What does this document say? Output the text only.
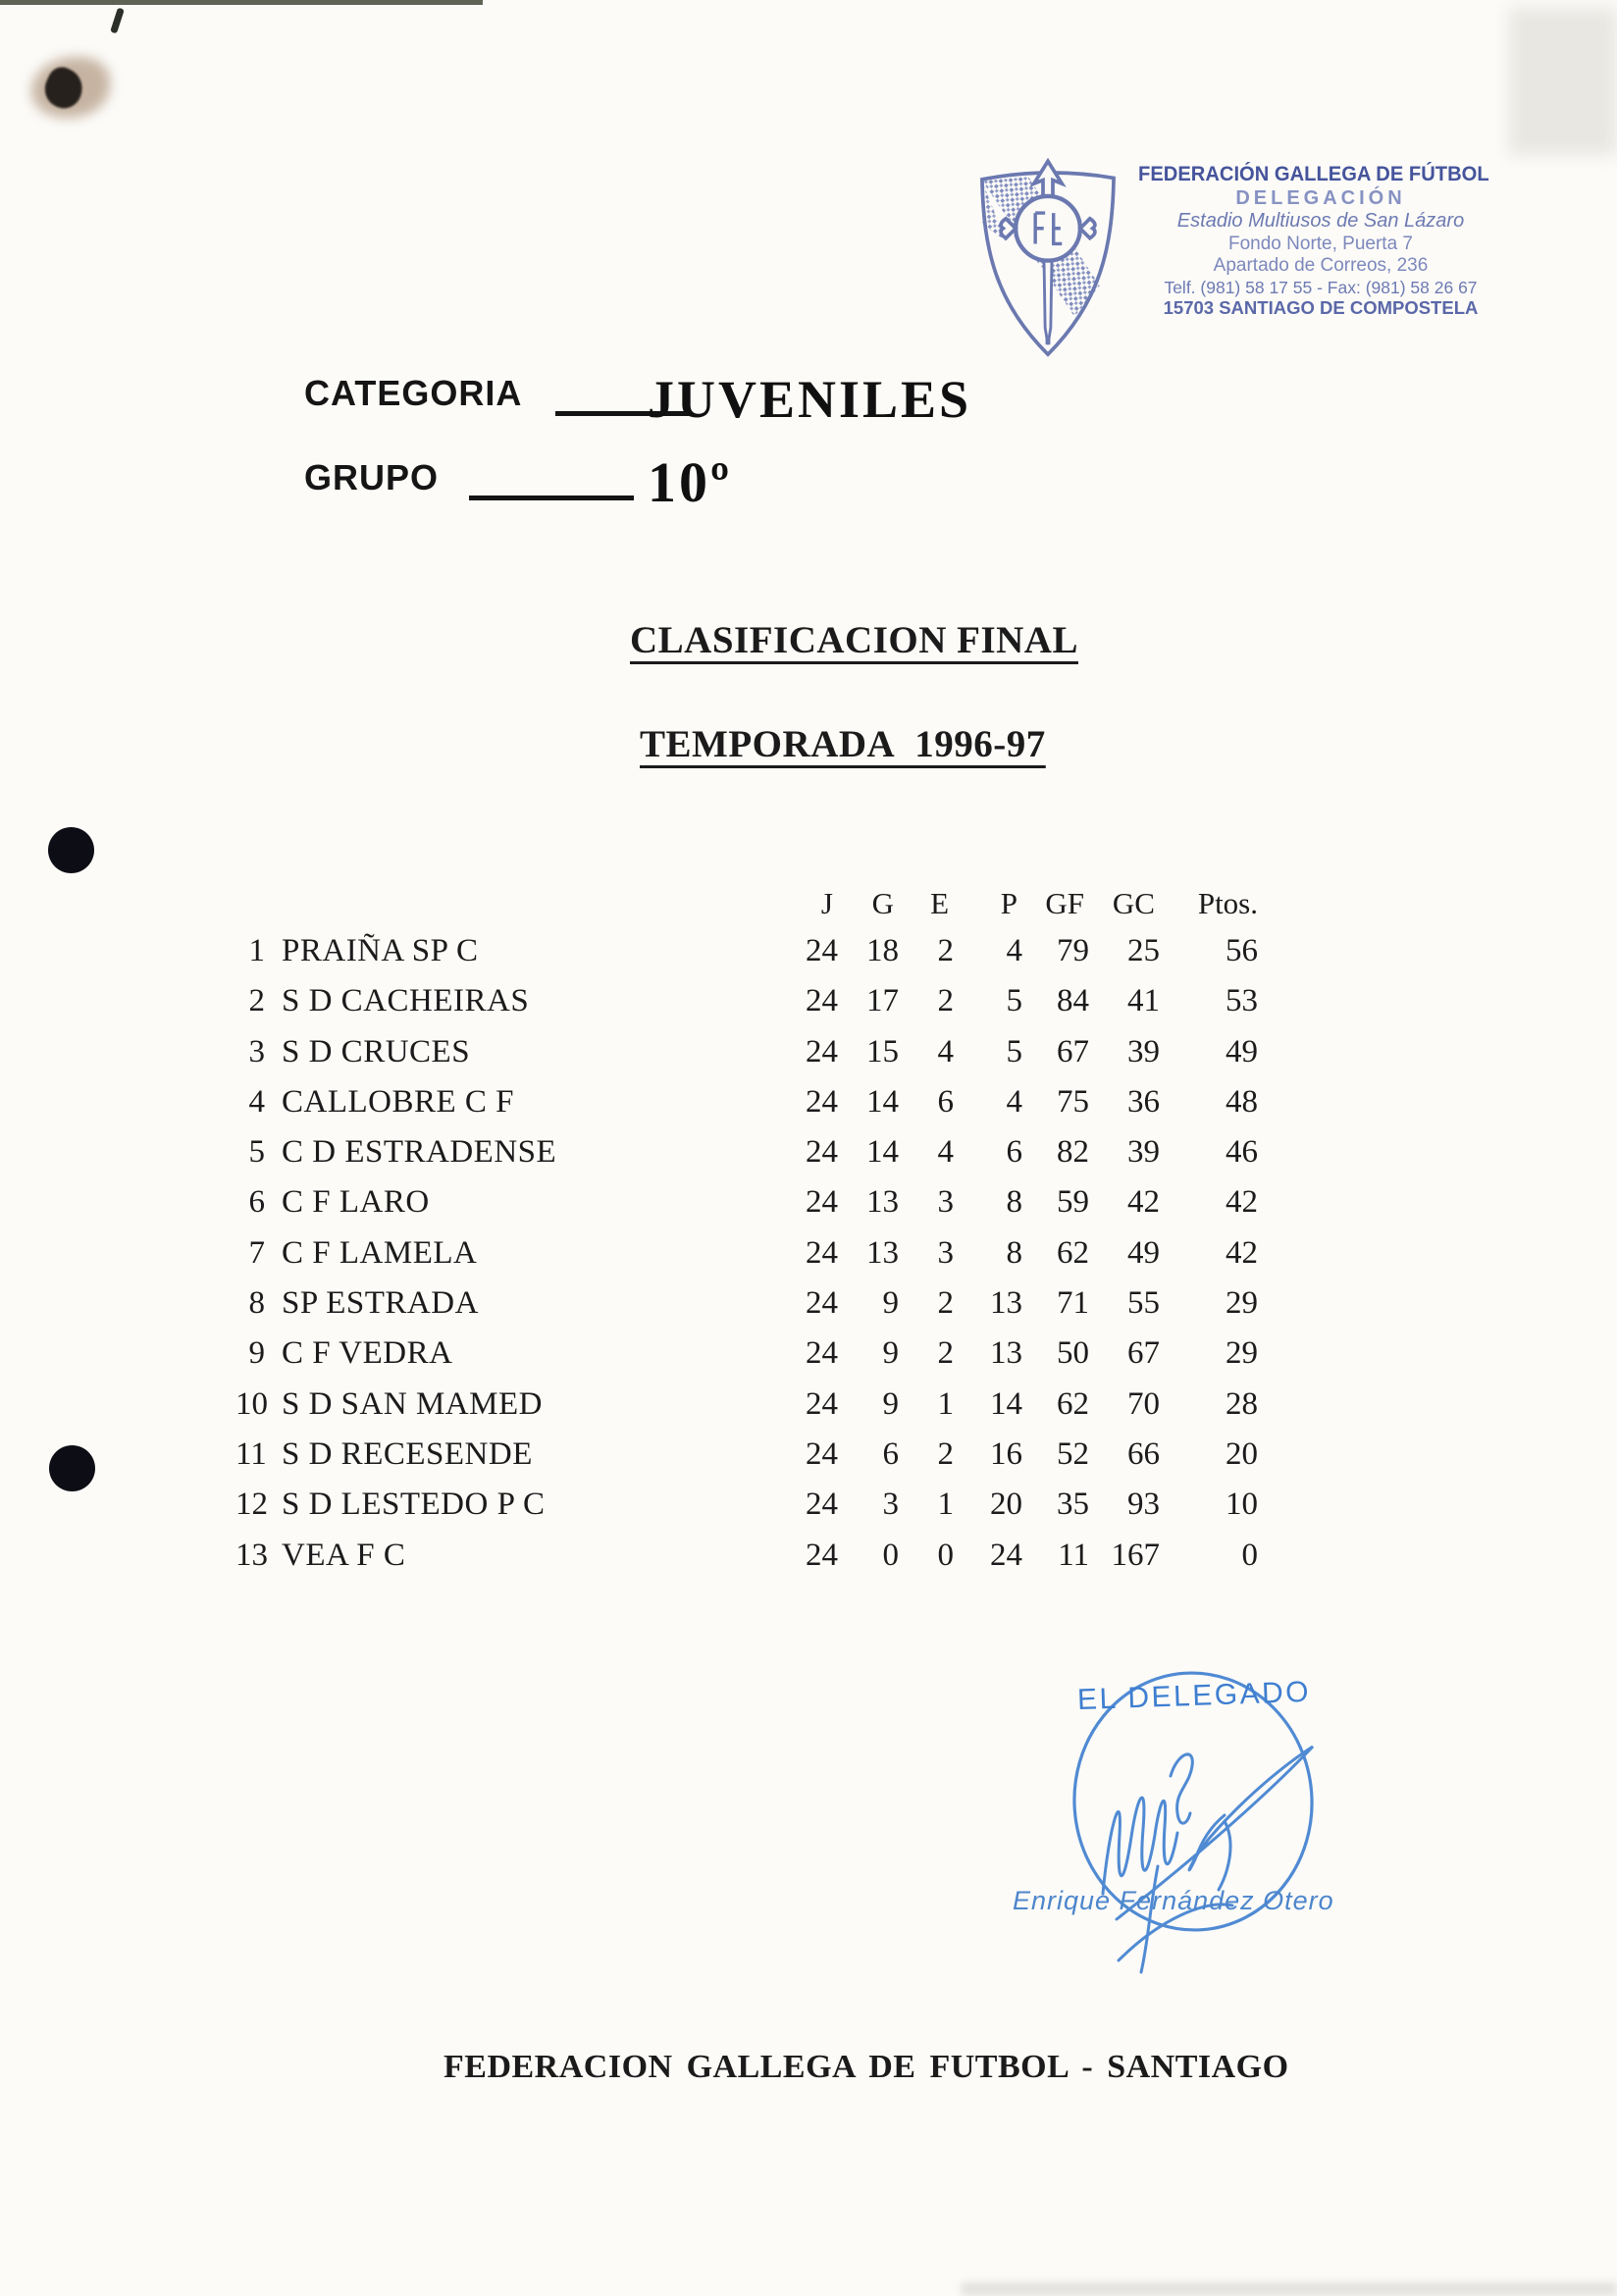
FEDERACIÓN GALLEGA DE FÚTBOL
DELEGACIÓN
Estadio Multiusos de San Lázaro
Fondo Norte, Puerta 7
Apartado de Correos, 236
Telf. (981) 58 17 55 - Fax: (981) 58 26 67
15703 SANTIAGO DE COMPOSTELA
CATEGORIA JUVENILES
GRUPO	10º
CLASIFICACION FINAL
TEMPORADA 1996-97
J	G	E	P GF GC	Ptos.
1 PRAIÑA SP C	24 18	2	4	79	25	56
2 S D CACHEIRAS	24 17	2	5	84	41	53
3 S D CRUCES	24 15	4	5	67	39	49
4 CALLOBRE C F	24 14	6	4	75	36	48
5 C D ESTRADENSE	24 14	4	6	82	39	46
6 C F LARO	24 13	3	8	59	42	42
7 C F LAMELA	24 13	3	8	62	49	42
8 SP ESTRADA	24	9	2	13	71	55	29
9 C F VEDRA	24	9	2	13	50	67	29
10 S D SAN MAMED	24	9	1	14	62	70	28
11 S D RECESENDE	24	6	2	16	52	66	20
12 S D LESTEDO P C	24	3	1	20	35	93	10
13 VEA F C	24	0	0	24	11 167	0
EL DELEGADO
Enrique Fernández Otero
FEDERACION GALLEGA DE FUTBOL - SANTIAGO
